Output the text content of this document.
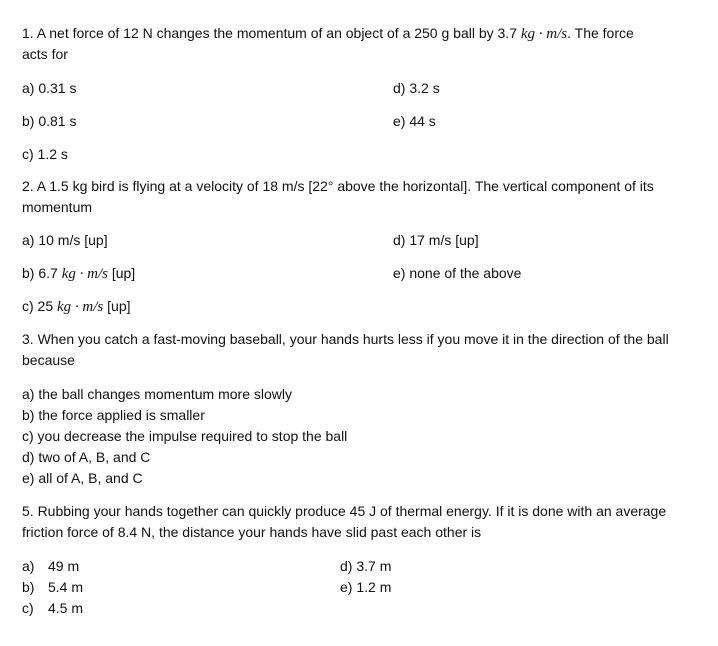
1. A net force of 12 N changes the momentum of an object of a 250 g ball by 3.7 kg · m/s. The force
acts for
a) 0.31 s	d) 3.2 s
b) 0.81 s	e) 44 s
c) 1.2 s
2. A 1.5 kg bird is flying at a velocity of 18 m/s [22° above the horizontal]. The vertical component of its
momentum
a) 10 m/s [up]	d) 17 m/s [up]
b) 6.7 kg · m/s [up]	e) none of the above
c) 25 kg · m/s [up]
3. When you catch a fast-moving baseball, your hands hurts less if you move it in the direction of the ball
because
a) the ball changes momentum more slowly
b) the force applied is smaller
c) you decrease the impulse required to stop the ball
d) two of A, B, and C
e) all of A, B, and C
5. Rubbing your hands together can quickly produce 45 J of thermal energy. If it is done with an average
friction force of 8.4 N, the distance your hands have slid past each other is
a) 49 m	d) 3.7 m
b) 5.4 m	e) 1.2 m
c) 4.5 m
